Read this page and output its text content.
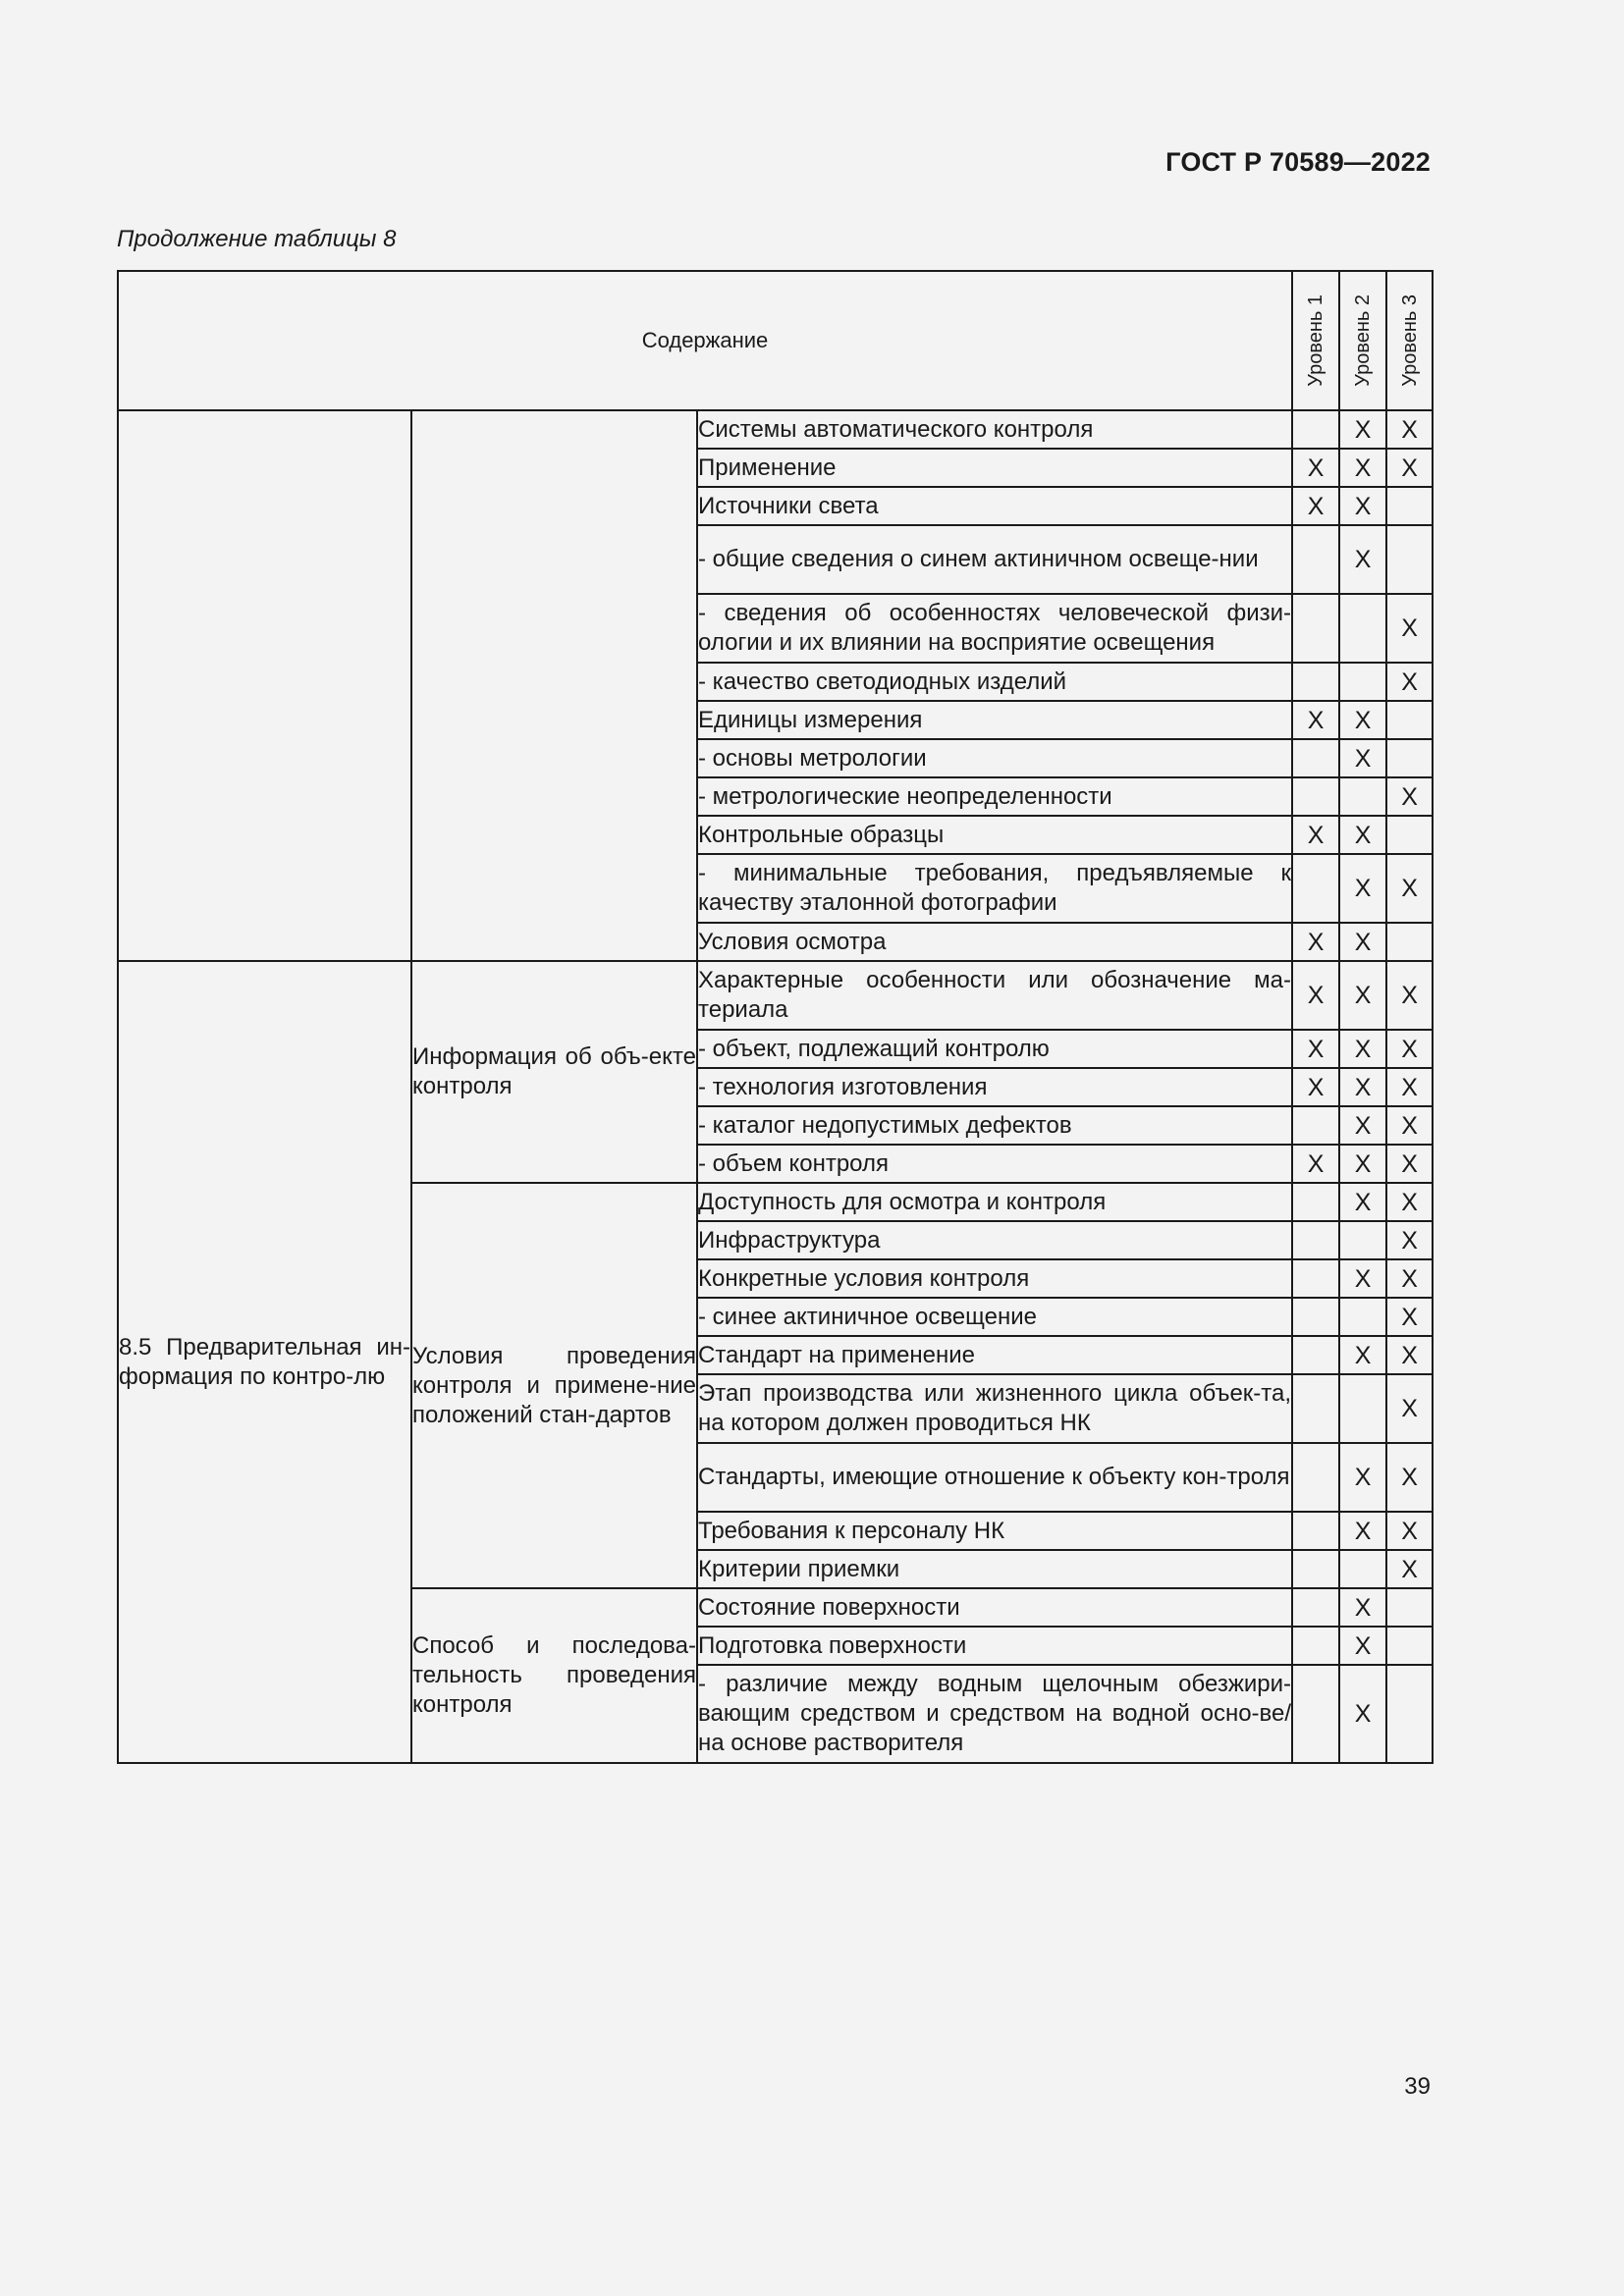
ГОСТ Р 70589—2022
Продолжение таблицы 8
Содержание			Уровень 1	Уровень 2	Уровень 3

		Системы автоматического контроля		X	X
		Применение	X	X	X
		Источники света	X	X	
		- общие сведения о синем актиничном освеще-нии		X	
		- сведения об особенностях человеческой физи-ологии и их влиянии на восприятие освещения			X
		- качество светодиодных изделий			X
		Единицы измерения	X	X	
		- основы метрологии		X	
		- метрологические неопределенности			X
		Контрольные образцы	X	X	
		- минимальные требования, предъявляемые к качеству эталонной фотографии		X	X
		Условия осмотра	X	X	
8.5 Предварительная ин-формация по контро-лю	Информация об объ-екте контроля	Характерные особенности или обозначение ма-териала	X	X	X
		- объект, подлежащий контролю	X	X	X
		- технология изготовления	X	X	X
		- каталог недопустимых дефектов		X	X
		- объем контроля	X	X	X
	Условия проведения контроля и примене-ние положений стан-дартов	Доступность для осмотра и контроля		X	X
		Инфраструктура			X
		Конкретные условия контроля		X	X
		- синее актиничное освещение			X
		Стандарт на применение		X	X
		Этап производства или жизненного цикла объек-та, на котором должен проводиться НК			X
		Стандарты, имеющие отношение к объекту кон-троля		X	X
		Требования к персоналу НК		X	X
		Критерии приемки			X
	Способ и последова-тельность проведения контроля	Состояние поверхности		X	
		Подготовка поверхности		X	
		- различие между водным щелочным обезжири-вающим средством и средством на водной осно-ве/на основе растворителя		X	
39
